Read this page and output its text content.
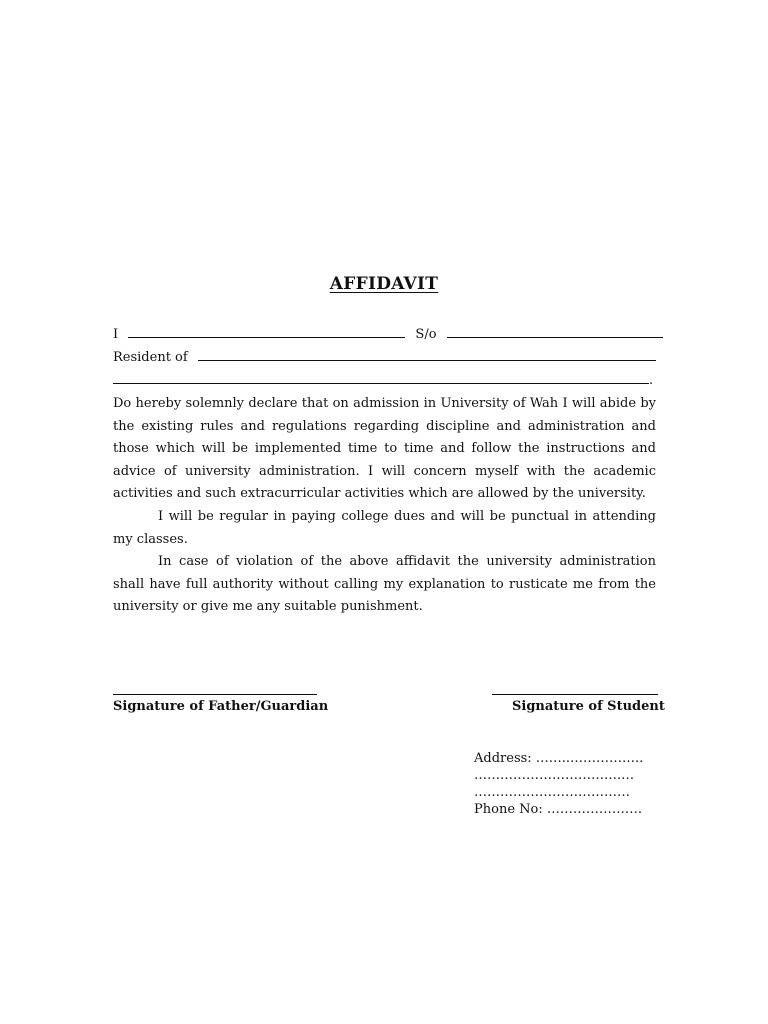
AFFIDAVIT
I	S/o
Resident of
.

Do hereby solemnly declare that on admission in University of Wah I will abide by the existing rules and regulations regarding discipline and administration and those which will be implemented time to time and follow the instructions and advice of university administration. I will concern myself with the academic activities and such extracurricular activities which are allowed by the university.

I will be regular in paying college dues and will be punctual in attending my classes.

In case of violation of the above affidavit the university administration shall have full authority without calling my explanation to rusticate me from the university or give me any suitable punishment.

Signature of Father/Guardian	Signature of Student
Address: ……..……………..
…………………………….…
………………………………
Phone No: ………………….
